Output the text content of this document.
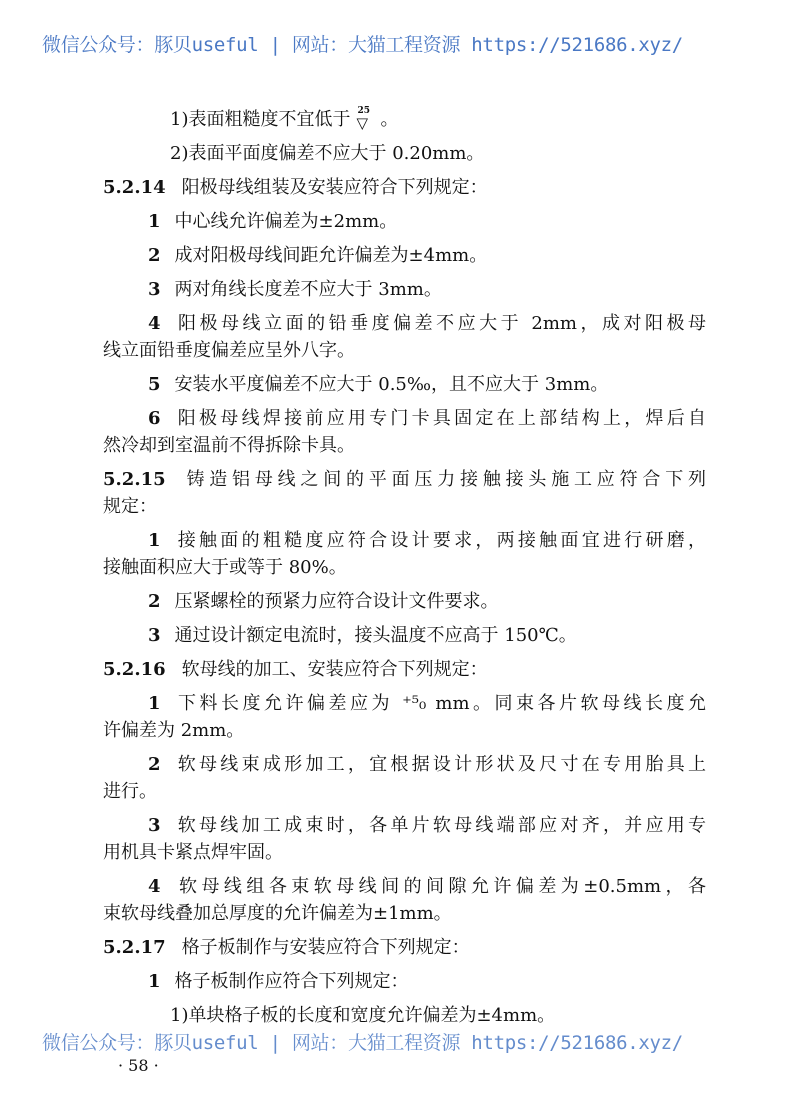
微信公众号：豚贝useful | 网站：大猫工程资源 https://521686.xyz/
1)表面粗糙度不宜低于 25
▽ 。
2)表面平面度偏差不应大于 0.20mm。
5.2.14 阳极母线组装及安装应符合下列规定：
1 中心线允许偏差为±2mm。
2 成对阳极母线间距允许偏差为±4mm。
3 两对角线长度差不应大于 3mm。
4 阳极母线立面的铅垂度偏差不应大于 2mm，成对阳极母
线立面铅垂度偏差应呈外八字。
5 安装水平度偏差不应大于 0.5‰，且不应大于 3mm。
6 阳极母线焊接前应用专门卡具固定在上部结构上，焊后自
然冷却到室温前不得拆除卡具。
5.2.15 铸造铝母线之间的平面压力接触接头施工应符合下列
规定：
1 接触面的粗糙度应符合设计要求，两接触面宜进行研磨，
接触面积应大于或等于 80%。
2 压紧螺栓的预紧力应符合设计文件要求。
3 通过设计额定电流时，接头温度不应高于 150℃。
5.2.16 软母线的加工、安装应符合下列规定：
1 下料长度允许偏差应为 ⁺⁵₀ mm。同束各片软母线长度允
许偏差为 2mm。
2 软母线束成形加工，宜根据设计形状及尺寸在专用胎具上
进行。
3 软母线加工成束时，各单片软母线端部应对齐，并应用专
用机具卡紧点焊牢固。
4 软母线组各束软母线间的间隙允许偏差为±0.5mm，各
束软母线叠加总厚度的允许偏差为±1mm。
5.2.17 格子板制作与安装应符合下列规定：
1 格子板制作应符合下列规定：
1)单块格子板的长度和宽度允许偏差为±4mm。
微信公众号：豚贝useful | 网站：大猫工程资源 https://521686.xyz/
· 58 ·
